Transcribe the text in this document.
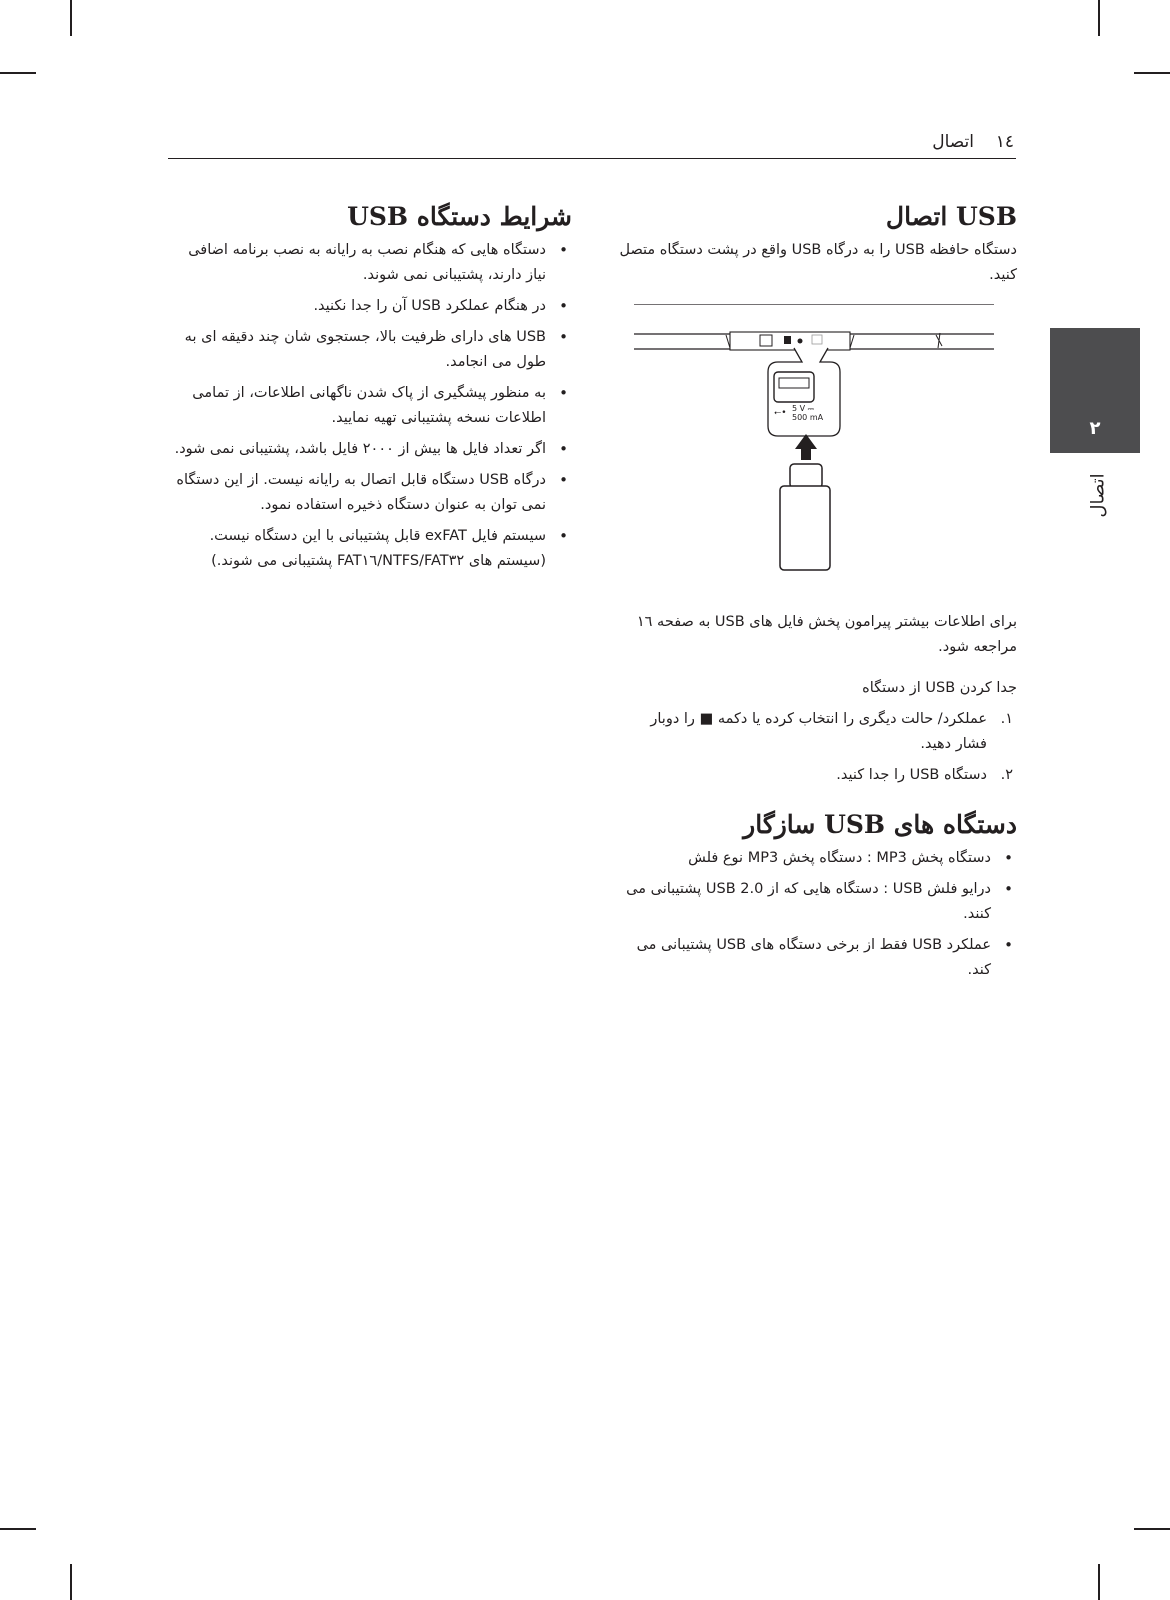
١٤
اتصال
٢
اتصال
USB اتصال

دستگاه حافظه USB را به درگاه USB واقع در پشت دستگاه متصل کنید.

برای اطلاعات بیشتر پیرامون پخش فایل های USB به صفحه ١٦ مراجعه شود.

جدا کردن USB از دستگاه

١.
عملکرد/ حالت دیگری را انتخاب کرده یا دکمه ■ را دوبار فشار دهید.
٢.
دستگاه USB را جدا کنید.
دستگاه های USB سازگار
• دستگاه پخش MP3 : دستگاه پخش MP3 نوع فلش
• درایو فلش USB : دستگاه هایی که از USB 2.0 پشتیبانی می کنند.
• عملکرد USB فقط از برخی دستگاه های USB پشتیبانی می کند.
⭠• 5 V ⎓
500 mA
شرایط دستگاه USB
• دستگاه هایی که هنگام نصب به رایانه به نصب برنامه اضافی نیاز دارند، پشتیبانی نمی شوند.
• در هنگام عملکرد USB آن را جدا نکنید.
• USB های دارای ظرفیت بالا، جستجوی شان چند دقیقه ای به طول می انجامد.
• به منظور پیشگیری از پاک شدن ناگهانی اطلاعات، از تمامی اطلاعات نسخه پشتیبانی تهیه نمایید.
• اگر تعداد فایل ها بیش از ٢٠٠٠ فایل باشد، پشتیبانی نمی شود.
• درگاه USB دستگاه قابل اتصال به رایانه نیست. از این دستگاه نمی توان به عنوان دستگاه ذخیره استفاده نمود.
• سیستم فایل exFAT قابل پشتیبانی با این دستگاه نیست. (سیستم های NTFS/FAT٣٢/FAT١٦ پشتیبانی می شوند.)
